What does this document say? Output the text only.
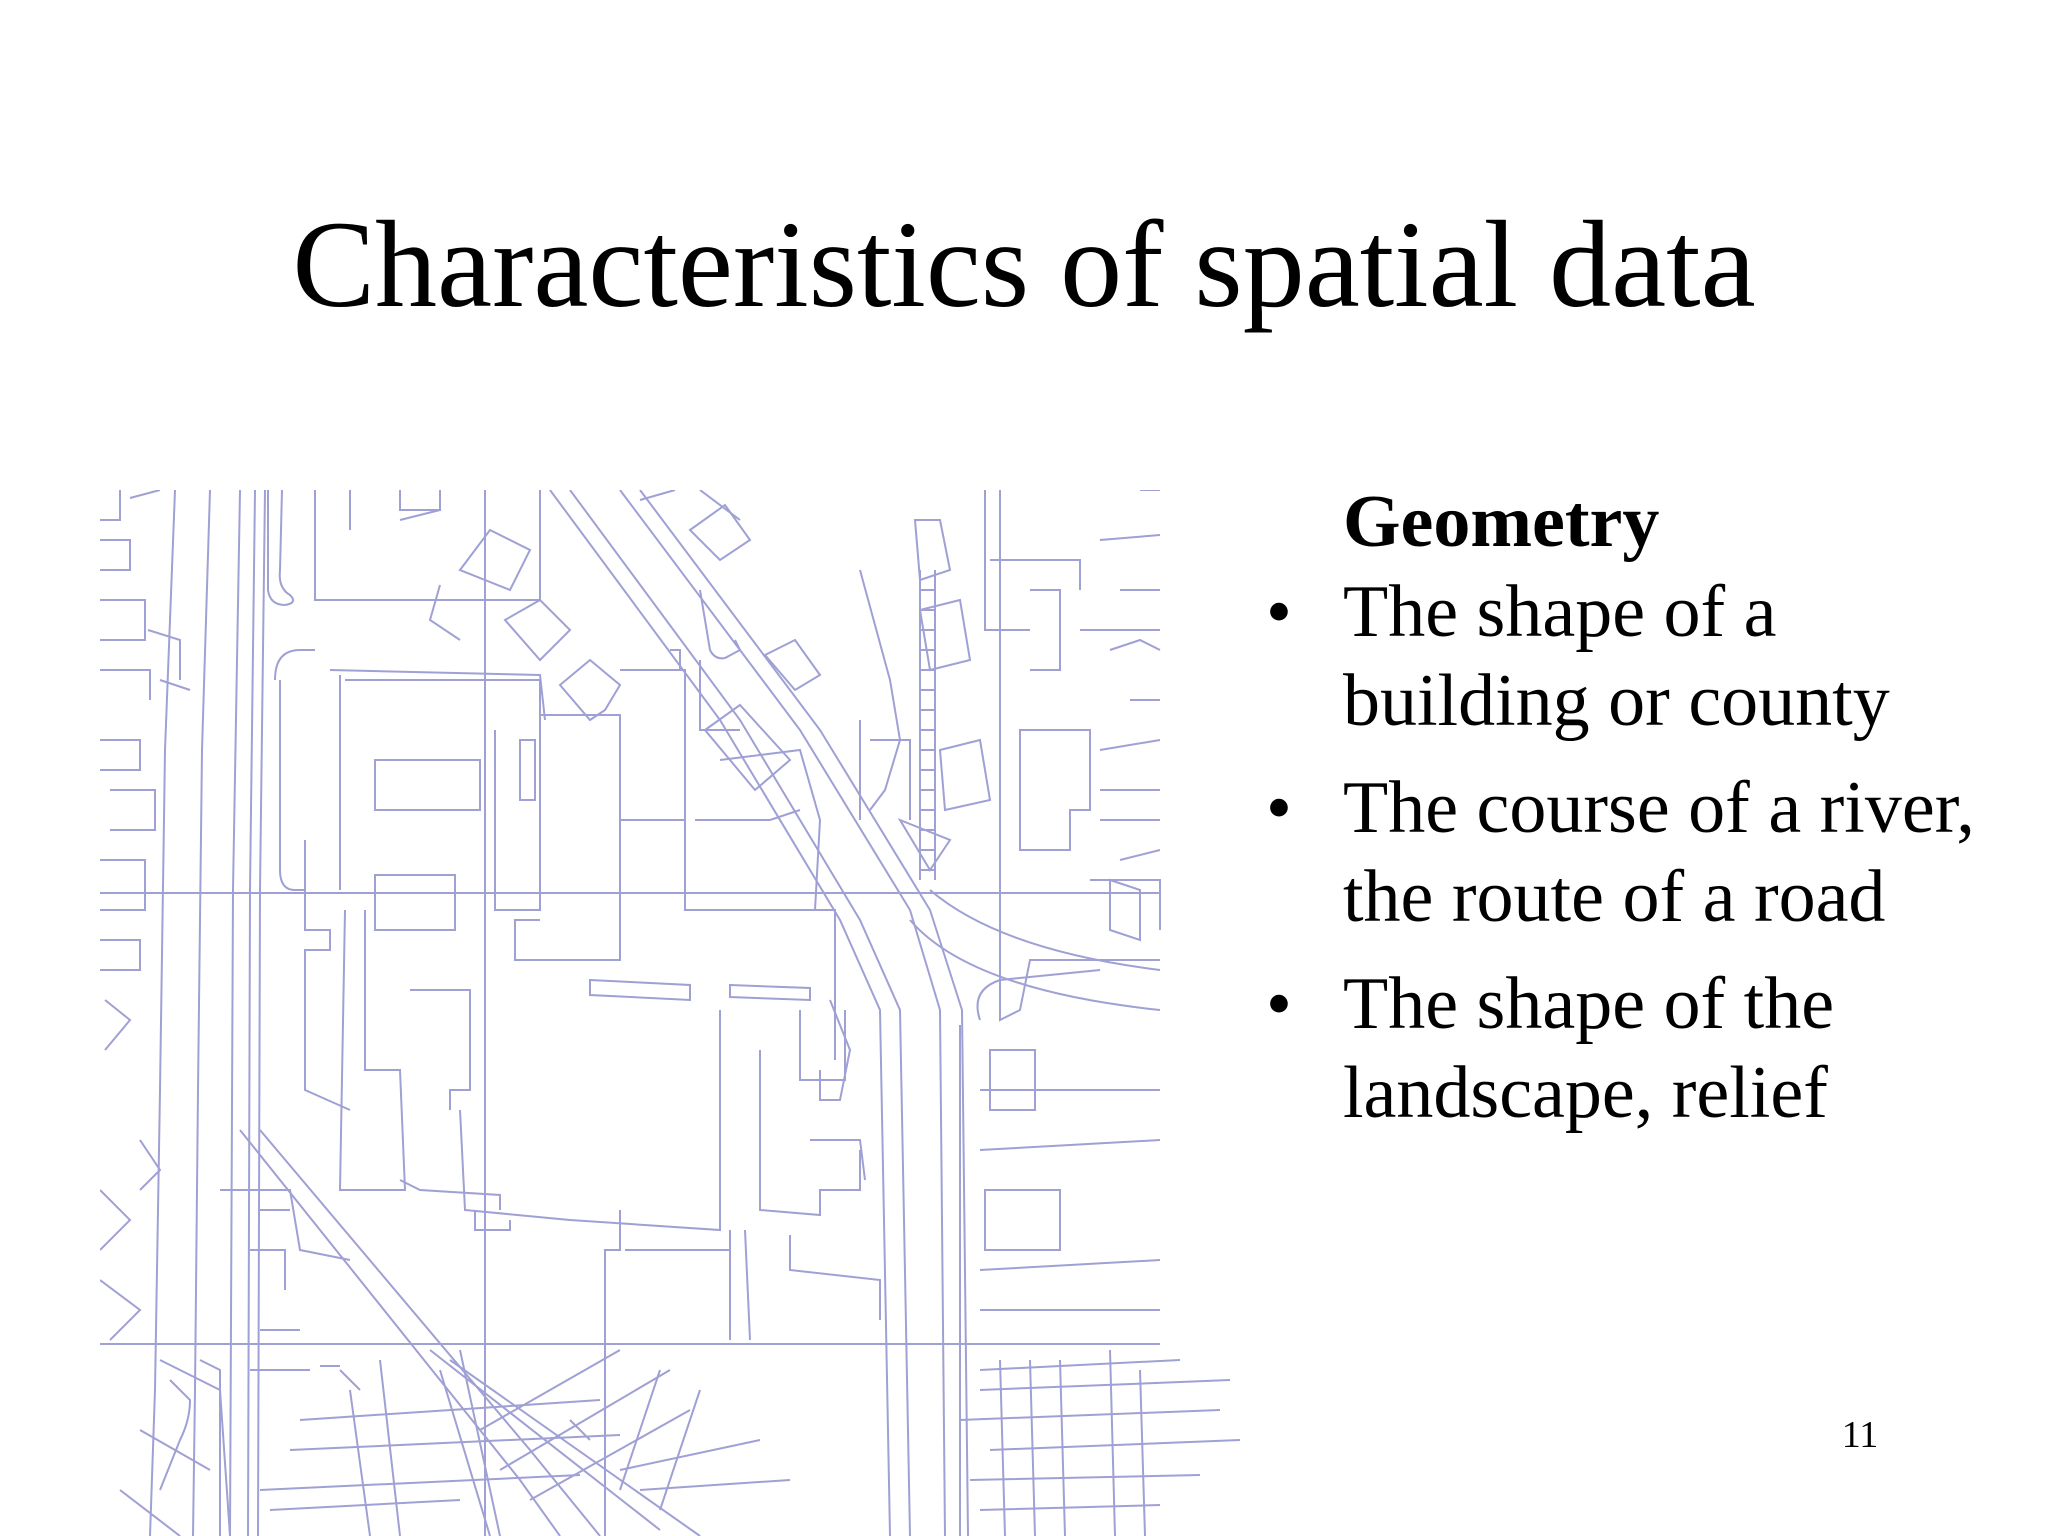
Characteristics of spatial data

Geometry

• The shape of a
building or county
• The course of a river,
the route of a road
• The shape of the
landscape, relief
11
